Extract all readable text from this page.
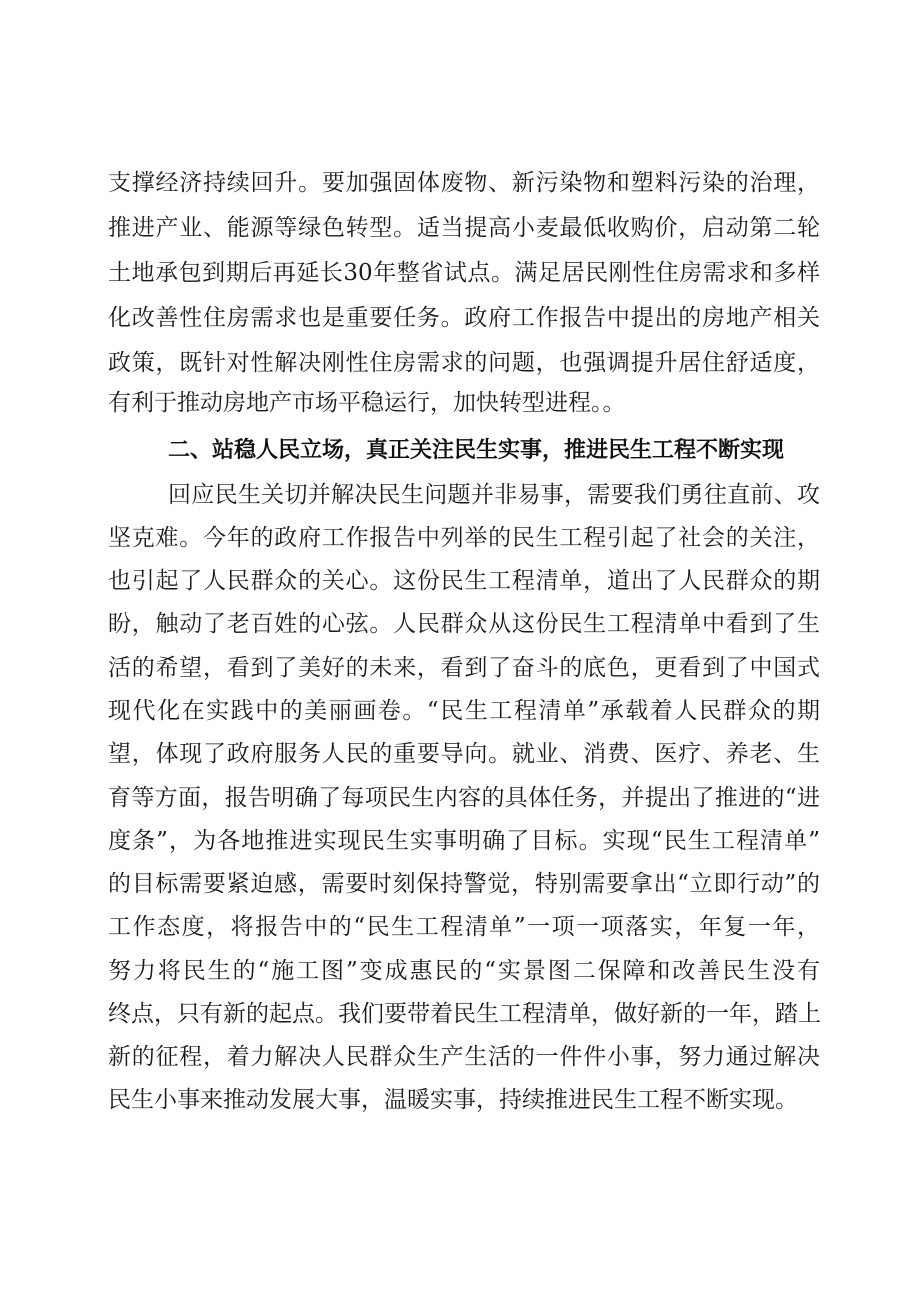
支撑经济持续回升。要加强固体废物、新污染物和塑料污染的治理，
推进产业、能源等绿色转型。适当提高小麦最低收购价，启动第二轮
土地承包到期后再延长30年整省试点。满足居民刚性住房需求和多样
化改善性住房需求也是重要任务。政府工作报告中提出的房地产相关
政策，既针对性解决刚性住房需求的问题，也强调提升居住舒适度，
有利于推动房地产市场平稳运行，加快转型进程。。
二、站稳人民立场，真正关注民生实事，推进民生工程不断实现
回应民生关切并解决民生问题并非易事，需要我们勇往直前、攻
坚克难。今年的政府工作报告中列举的民生工程引起了社会的关注，
也引起了人民群众的关心。这份民生工程清单，道出了人民群众的期
盼，触动了老百姓的心弦。人民群众从这份民生工程清单中看到了生
活的希望，看到了美好的未来，看到了奋斗的底色，更看到了中国式
现代化在实践中的美丽画卷。“民生工程清单”承载着人民群众的期
望，体现了政府服务人民的重要导向。就业、消费、医疗、养老、生
育等方面，报告明确了每项民生内容的具体任务，并提出了推进的“进
度条”，为各地推进实现民生实事明确了目标。实现“民生工程清单”
的目标需要紧迫感，需要时刻保持警觉，特别需要拿出“立即行动”的
工作态度，将报告中的“民生工程清单”一项一项落实，年复一年，
努力将民生的“施工图”变成惠民的“实景图二保障和改善民生没有
终点，只有新的起点。我们要带着民生工程清单，做好新的一年，踏上
新的征程，着力解决人民群众生产生活的一件件小事，努力通过解决
民生小事来推动发展大事，温暖实事，持续推进民生工程不断实现。
